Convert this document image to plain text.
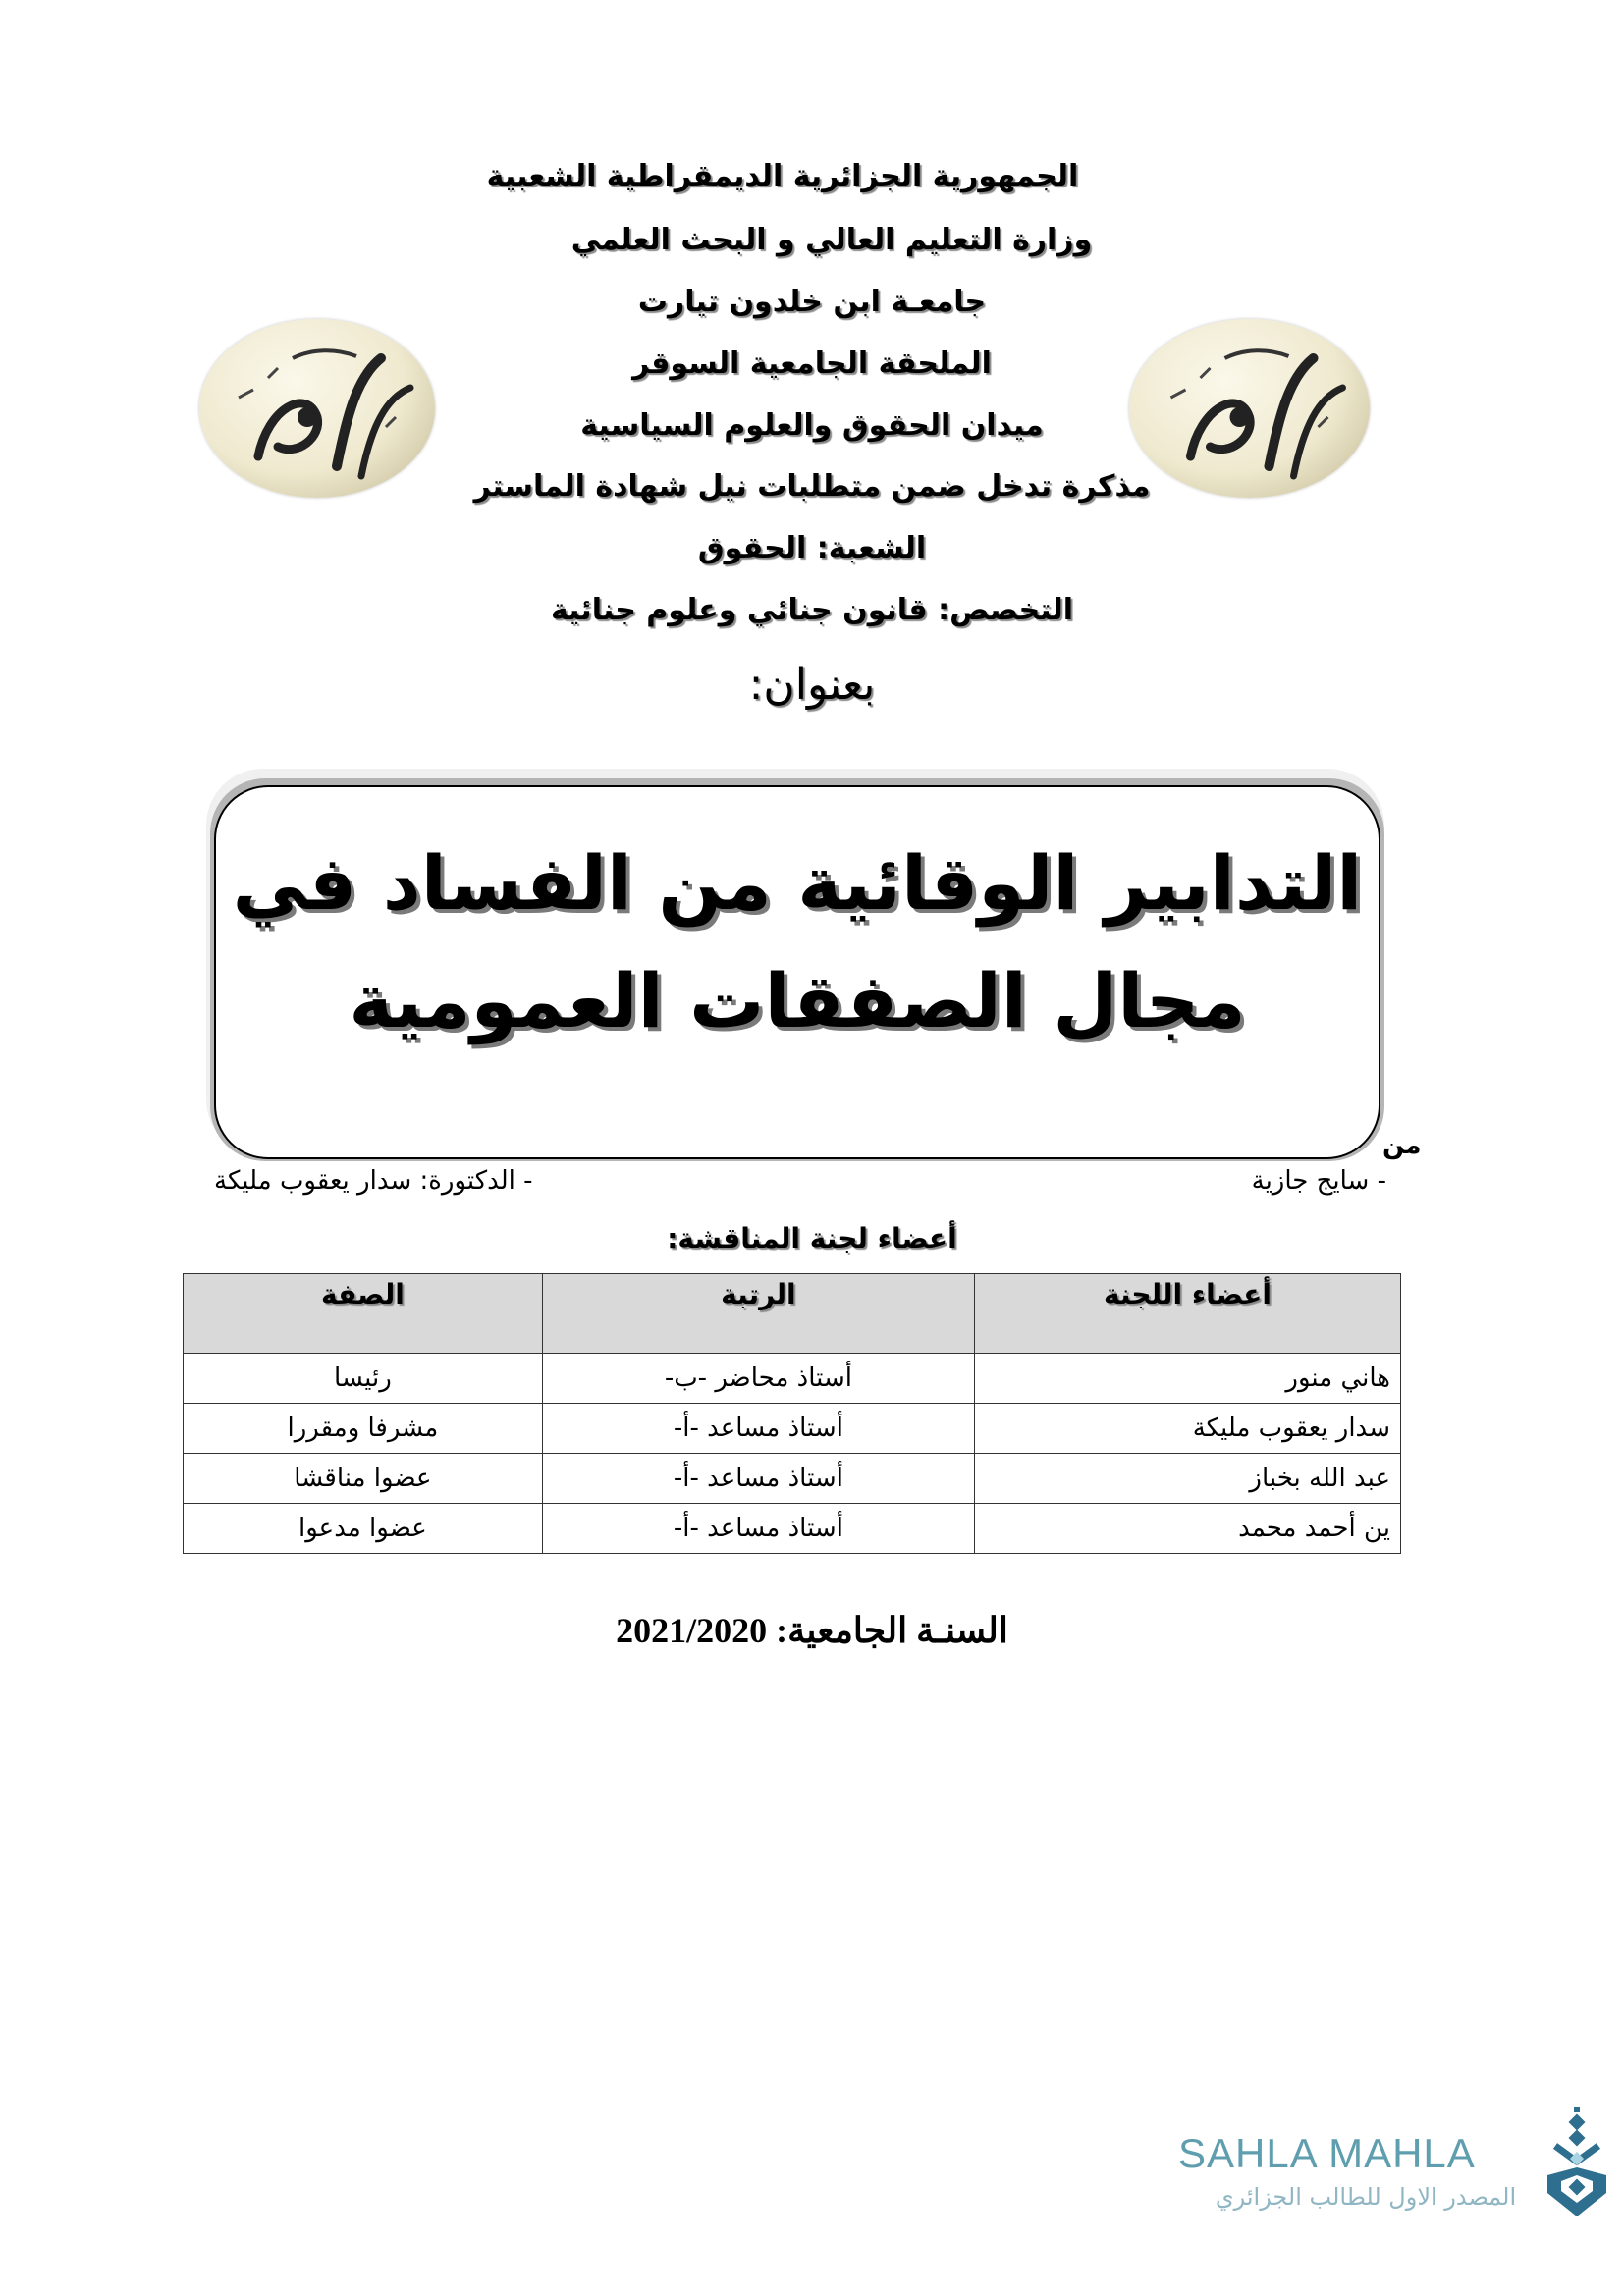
الجمهورية الجزائرية الديمقراطية الشعبية
وزارة التعليم العالي و البحث العلمي
جامعـة ابن خلدون تيارت
الملحقة الجامعية السوقر
ميدان الحقوق والعلوم السياسية
مذكرة تدخل ضمن متطلبات نيل شهادة الماستر
الشعبة: الحقوق
التخصص: قانون جنائي وعلوم جنائية
بعنوان:
التدابير الوقائية من الفساد في
مجال الصفقات العمومية
من
- سايج جازية
- الدكتورة: سدار يعقوب مليكة
أعضاء لجنة المناقشة:
أعضاء اللجنة	الرتبة	الصفة
هاني منور	أستاذ محاضر -ب-	رئيسا
سدار يعقوب مليكة	أستاذ مساعد -أ-	مشرفا ومقررا
عبد الله بخباز	أستاذ مساعد -أ-	عضوا مناقشا
ين أحمد محمد	أستاذ مساعد -أ-	عضوا مدعوا
السنـة الجامعية: 2021/2020
SAHLA MAHLA
المصدر الاول للطالب الجزائري
